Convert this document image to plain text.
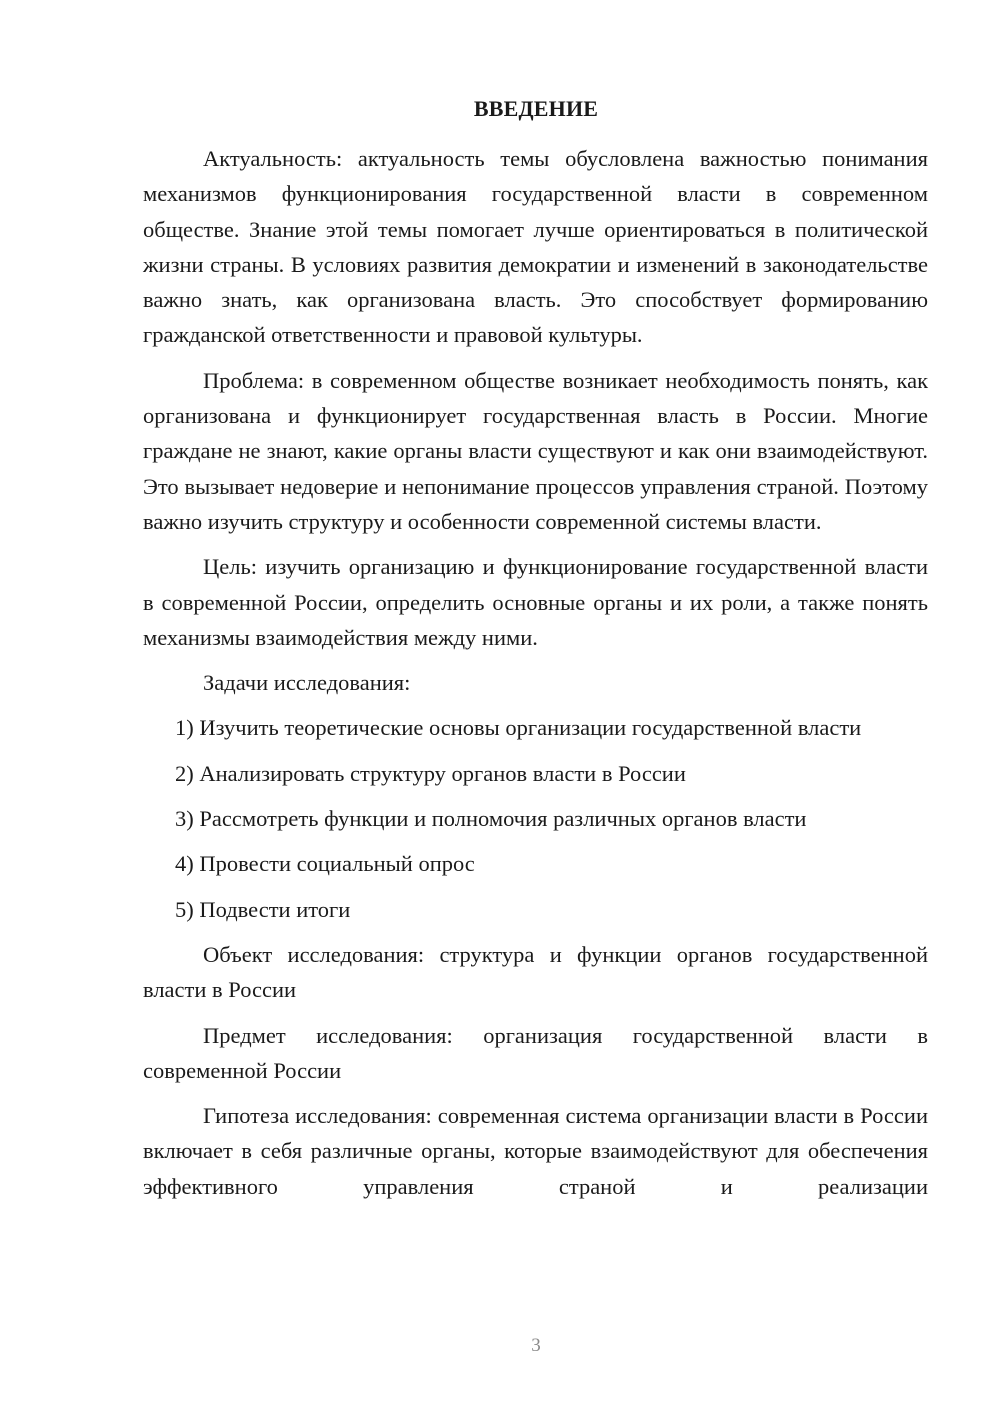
ВВЕДЕНИЕ

Актуальность: актуальность темы обусловлена важностью понимания механизмов функционирования государственной власти в современном обществе. Знание этой темы помогает лучше ориентироваться в политической жизни страны. В условиях развития демократии и изменений в законодательстве важно знать, как организована власть. Это способствует формированию гражданской ответственности и правовой культуры.

Проблема: в современном обществе возникает необходимость понять, как организована и функционирует государственная власть в России. Многие граждане не знают, какие органы власти существуют и как они взаимодействуют. Это вызывает недоверие и непонимание процессов управления страной. Поэтому важно изучить структуру и особенности современной системы власти.

Цель: изучить организацию и функционирование государственной власти в современной России, определить основные органы и их роли, а также понять механизмы взаимодействия между ними.

Задачи исследования:

1) Изучить теоретические основы организации государственной власти

2) Анализировать структуру органов власти в России

3) Рассмотреть функции и полномочия различных органов власти

4) Провести социальный опрос

5) Подвести итоги

Объект исследования: структура и функции органов государственной власти в России

Предмет исследования: организация государственной власти в современной России

Гипотеза исследования: современная система организации власти в России включает в себя различные органы, которые взаимодействуют для обеспечения эффективного управления страной и реализации

3
